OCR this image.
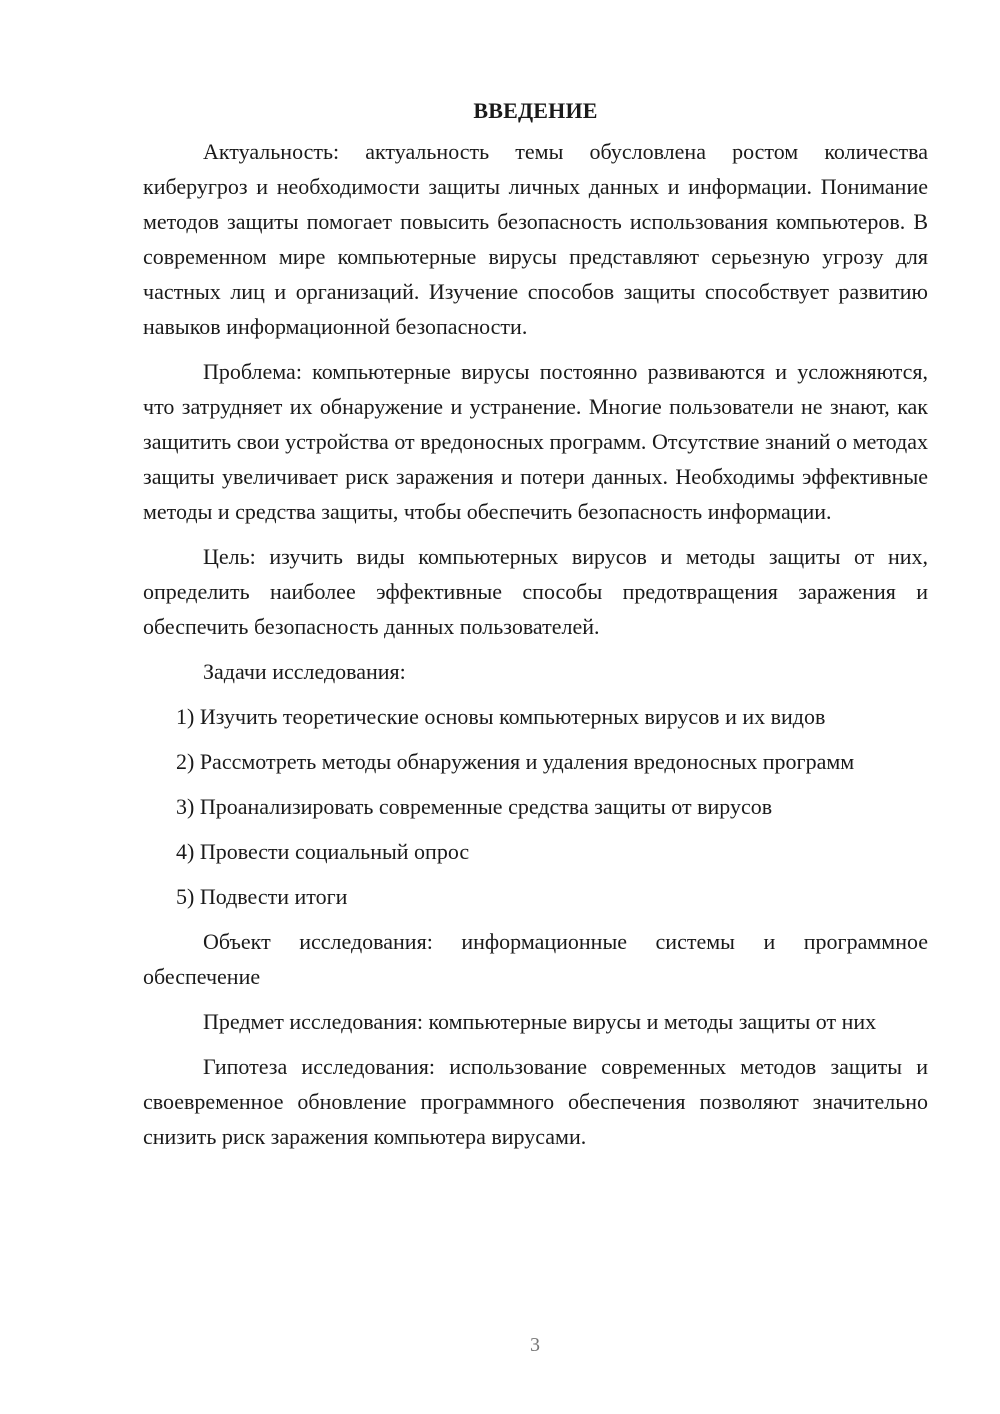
ВВЕДЕНИЕ

Актуальность: актуальность темы обусловлена ростом количества киберугроз и необходимости защиты личных данных и информации. Понимание методов защиты помогает повысить безопасность использования компьютеров. В современном мире компьютерные вирусы представляют серьезную угрозу для частных лиц и организаций. Изучение способов защиты способствует развитию навыков информационной безопасности.

Проблема: компьютерные вирусы постоянно развиваются и усложняются, что затрудняет их обнаружение и устранение. Многие пользователи не знают, как защитить свои устройства от вредоносных программ. Отсутствие знаний о методах защиты увеличивает риск заражения и потери данных. Необходимы эффективные методы и средства защиты, чтобы обеспечить безопасность информации.

Цель: изучить виды компьютерных вирусов и методы защиты от них, определить наиболее эффективные способы предотвращения заражения и обеспечить безопасность данных пользователей.

Задачи исследования:

1) Изучить теоретические основы компьютерных вирусов и их видов

2) Рассмотреть методы обнаружения и удаления вредоносных программ

3) Проанализировать современные средства защиты от вирусов

4) Провести социальный опрос

5) Подвести итоги

Объект исследования: информационные системы и программное обеспечение

Предмет исследования: компьютерные вирусы и методы защиты от них

Гипотеза исследования: использование современных методов защиты и своевременное обновление программного обеспечения позволяют значительно снизить риск заражения компьютера вирусами.

3
